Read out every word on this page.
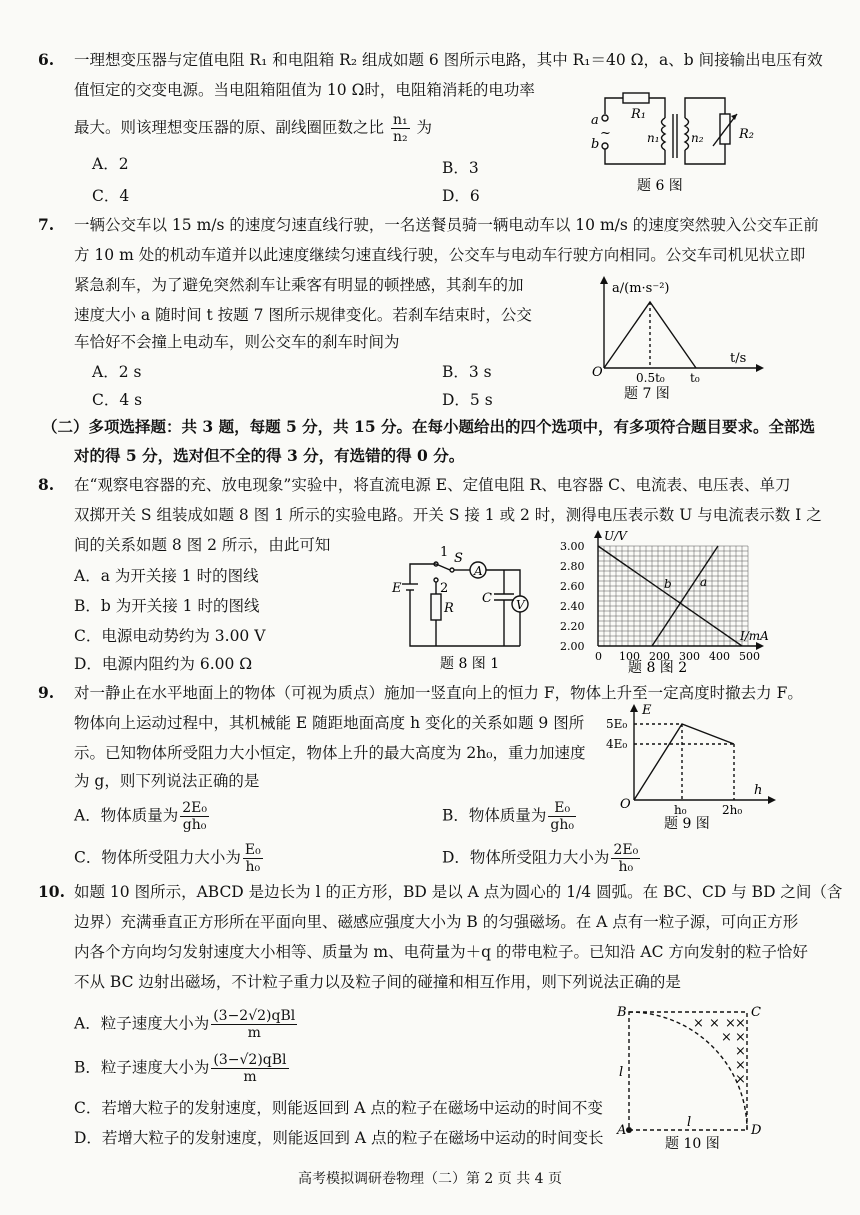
6. 一理想变压器与定值电阻 R₁ 和电阻箱 R₂ 组成如题 6 图所示电路，其中 R₁＝40 Ω，a、b 间接输出电压有效
值恒定的交变电源。当电阻箱阻值为 10 Ω时，电阻箱消耗的电功率
最大。则该理想变压器的原、副线圈匝数之比 $\frac{\text{n₁}}{\text{n₂}}$ 为
A．2	B．3
C．4	D．6
R₁
R₂
n₁	n₂
a
b
~
题 6 图
7. 一辆公交车以 15 m/s 的速度匀速直线行驶，一名送餐员骑一辆电动车以 10 m/s 的速度突然驶入公交车正前
方 10 m 处的机动车道并以此速度继续匀速直线行驶，公交车与电动车行驶方向相同。公交车司机见状立即
紧急刹车，为了避免突然刹车让乘客有明显的顿挫感，其刹车的加
速度大小 a 随时间 t 按题 7 图所示规律变化。若刹车结束时，公交
车恰好不会撞上电动车，则公交车的刹车时间为
A．2 s	B．3 s
C．4 s	D．5 s
a/(m·s⁻²)
t/s
O	0.5t₀ t₀
题 7 图
（二）多项选择题：共 3 题，每题 5 分，共 15 分。在每小题给出的四个选项中，有多项符合题目要求。全部选
对的得 5 分，选对但不全的得 3 分，有选错的得 0 分。
8. 在“观察电容器的充、放电现象”实验中，将直流电源 E、定值电阻 R、电容器 C、电流表、电压表、单刀
双掷开关 S 组装成如题 8 图 1 所示的实验电路。开关 S 接 1 或 2 时，测得电压表示数 U 与电流表示数 I 之
间的关系如题 8 图 2 所示，由此可知
A．a 为开关接 1 时的图线
B．b 为开关接 1 时的图线
C．电源电动势约为 3.00 V
D．电源内阻约为 6.00 Ω
1
2
S
A
V
E
R
C
题 8 图 1
U/V
I/mA
b a
3.00
2.80
2.60
2.40
2.20
2.00
0 100 200 300 400 500
题 8 图 2
9. 对一静止在水平地面上的物体（可视为质点）施加一竖直向上的恒力 F，物体上升至一定高度时撤去力 F。
物体向上运动过程中，其机械能 E 随距地面高度 h 变化的关系如题 9 图所
示。已知物体所受阻力大小恒定，物体上升的最大高度为 2h₀，重力加速度
为 g，则下列说法正确的是
A．物体质量为 $\frac{\text{2E₀}}{\text{gh₀}}$	B．物体质量为 $\frac{\text{E₀}}{\text{gh₀}}$
C．物体所受阻力大小为 $\frac{\text{E₀}}{\text{h₀}}$	D．物体所受阻力大小为 $\frac{\text{2E₀}}{\text{h₀}}$
E
h
5E₀
4E₀
O	h₀	2h₀
题 9 图
10. 如题 10 图所示，ABCD 是边长为 l 的正方形，BD 是以 A 点为圆心的 1/4 圆弧。在 BC、CD 与 BD 之间（含
边界）充满垂直正方形所在平面向里、磁感应强度大小为 B 的匀强磁场。在 A 点有一粒子源，可向正方形
内各个方向均匀发射速度大小相等、质量为 m、电荷量为＋q 的带电粒子。已知沿 AC 方向发射的粒子恰好
不从 BC 边射出磁场，不计粒子重力以及粒子间的碰撞和相互作用，则下列说法正确的是
A．粒子速度大小为 $\frac{\text{(3−2√2)qBl}}{m}$
B．粒子速度大小为 $\frac{\text{(3−√2)qBl}}{m}$
C．若增大粒子的发射速度，则能返回到 A 点的粒子在磁场中运动的时间不变
D．若增大粒子的发射速度，则能返回到 A 点的粒子在磁场中运动的时间变长
× × × ×
× ×
×
×
×
A
B	C
D
l
l
题 10 图
高考模拟调研卷物理（二）第 2 页 共 4 页
